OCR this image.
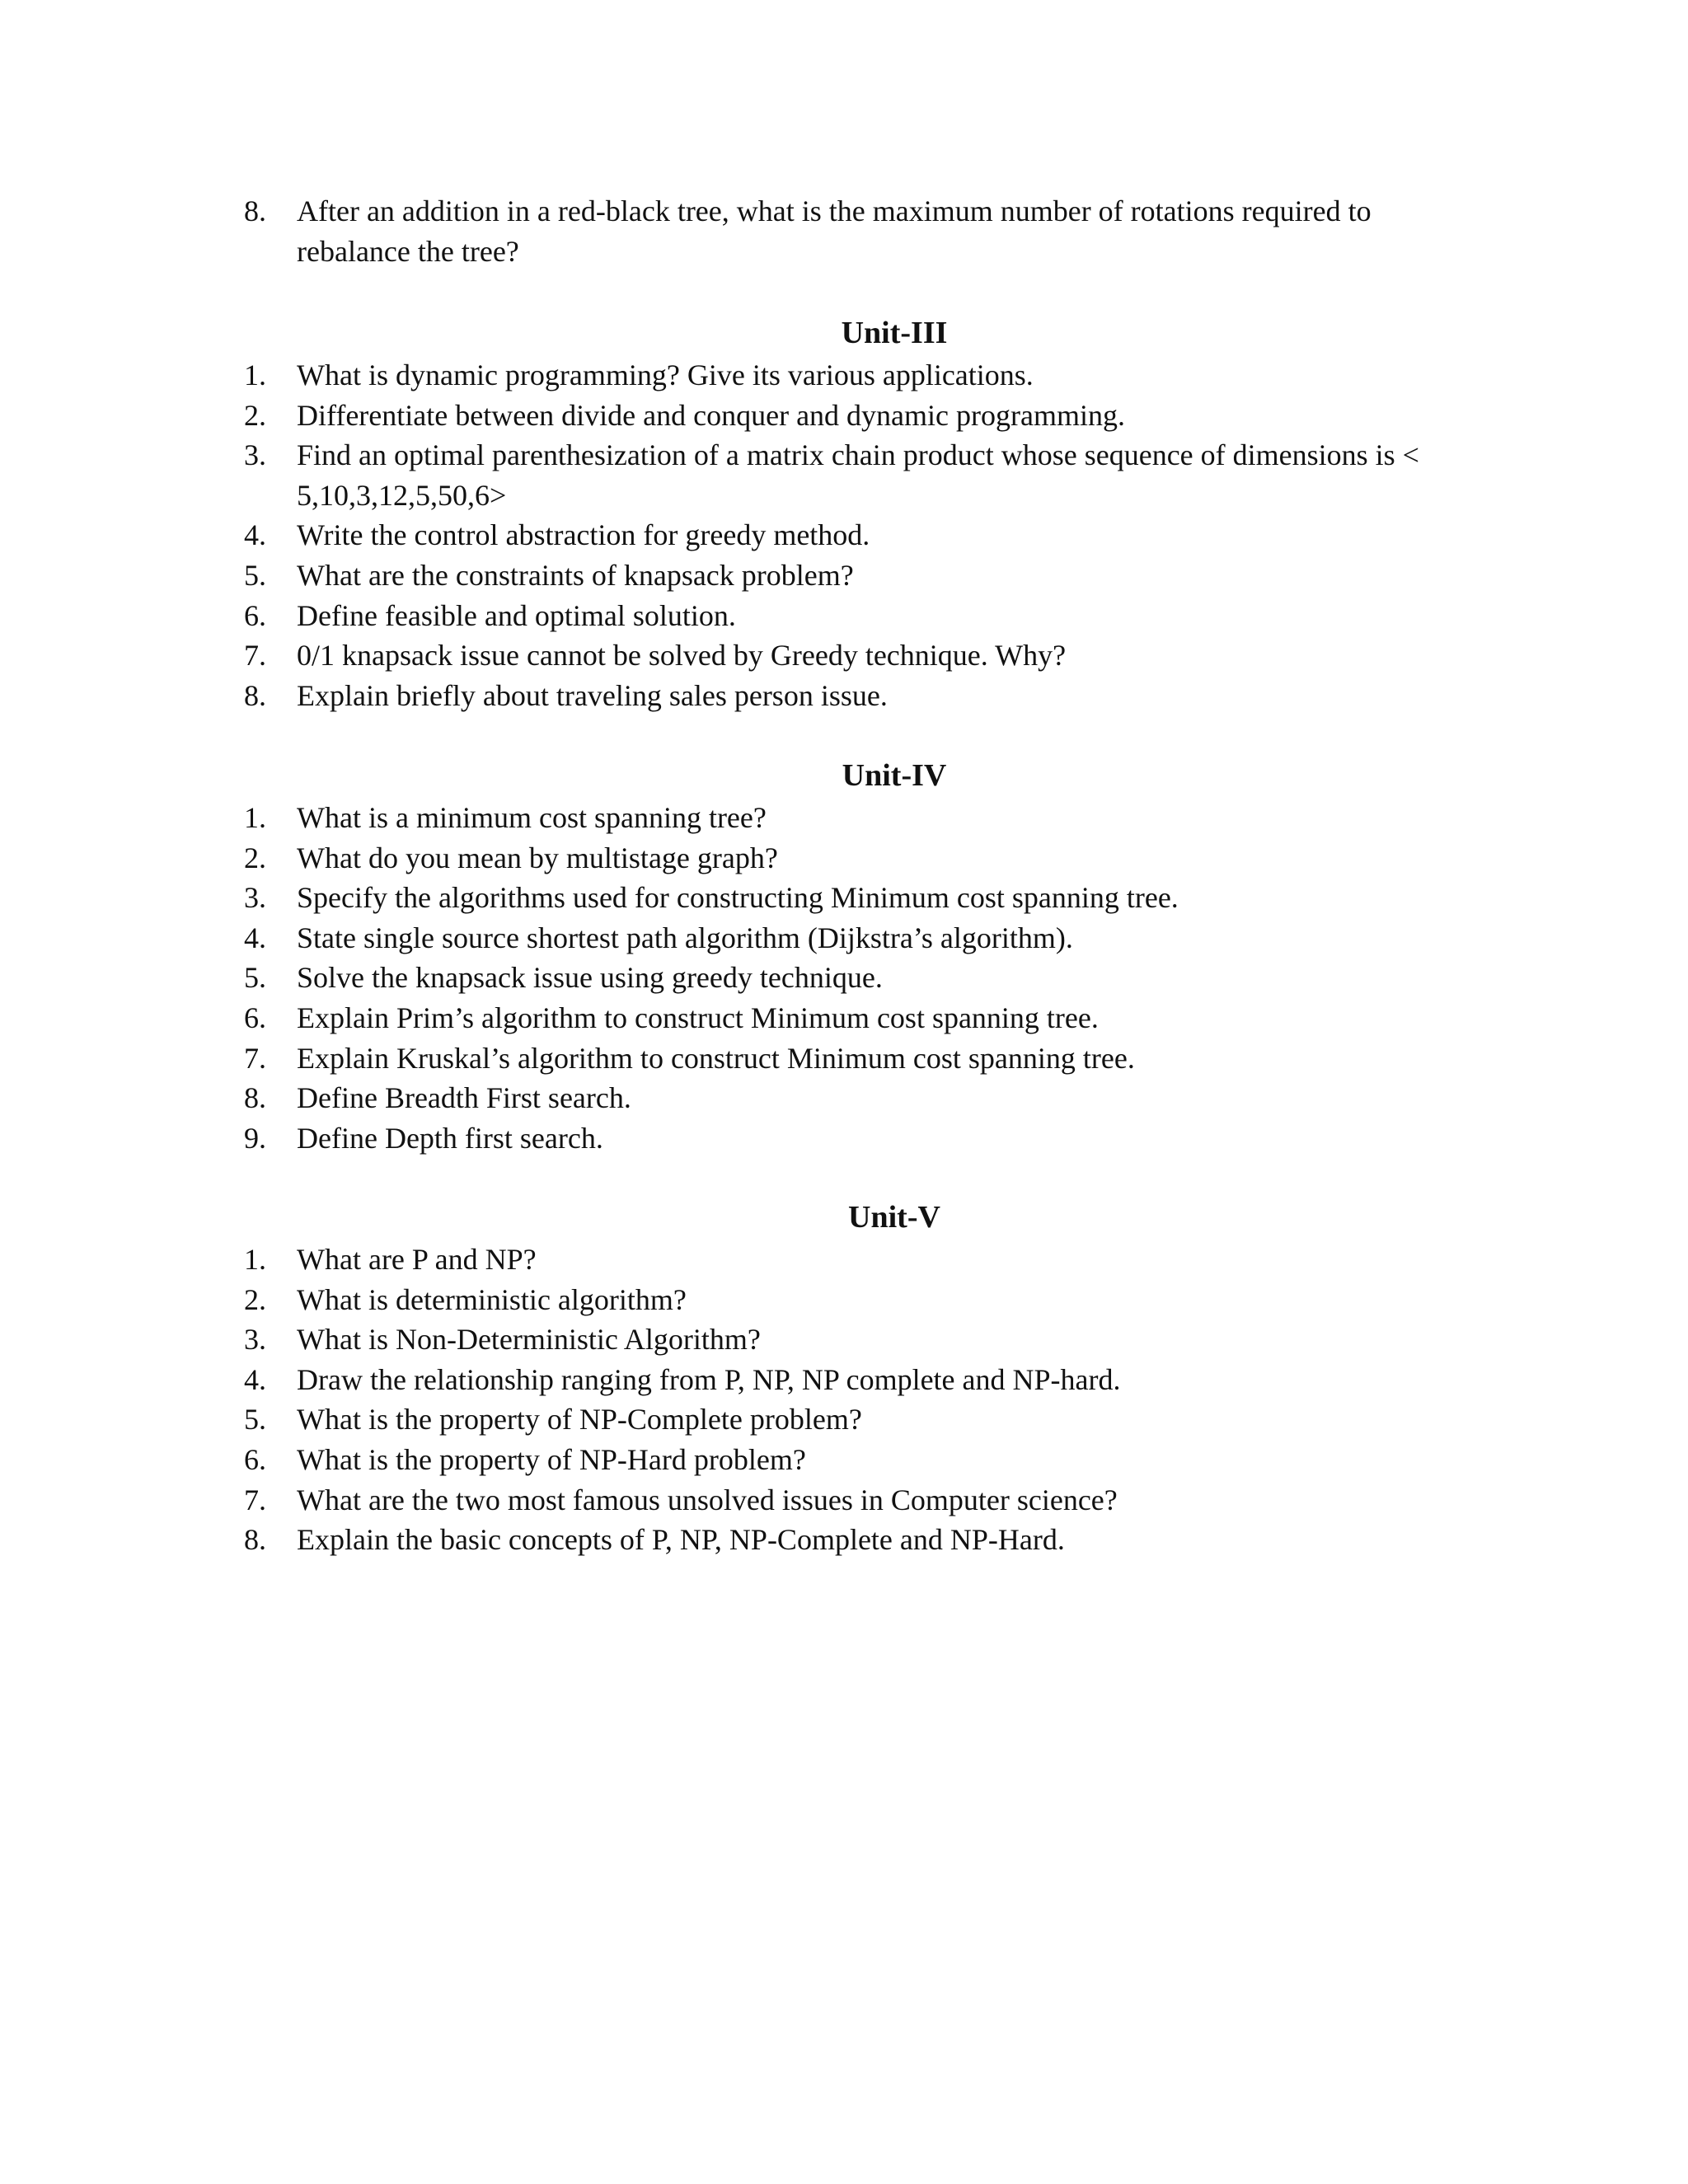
8. After an addition in a red-black tree, what is the maximum number of rotations required to rebalance the tree?
Unit-III
1. What is dynamic programming? Give its various applications.
2. Differentiate between divide and conquer and dynamic programming.
3. Find an optimal parenthesization of a matrix chain product whose sequence of dimensions is < 5,10,3,12,5,50,6>
4. Write the control abstraction for greedy method.
5. What are the constraints of knapsack problem?
6. Define feasible and optimal solution.
7. 0/1 knapsack issue cannot be solved by Greedy technique. Why?
8. Explain briefly about traveling sales person issue.
Unit-IV
1. What is a minimum cost spanning tree?
2. What do you mean by multistage graph?
3. Specify the algorithms used for constructing Minimum cost spanning tree.
4. State single source shortest path algorithm (Dijkstra’s algorithm).
5. Solve the knapsack issue using greedy technique.
6. Explain Prim’s algorithm to construct Minimum cost spanning tree.
7. Explain Kruskal’s algorithm to construct Minimum cost spanning tree.
8. Define Breadth First search.
9. Define Depth first search.
Unit-V
1. What are P and NP?
2. What is deterministic algorithm?
3. What is Non-Deterministic Algorithm?
4. Draw the relationship ranging from P, NP, NP complete and NP-hard.
5. What is the property of NP-Complete problem?
6. What is the property of NP-Hard problem?
7. What are the two most famous unsolved issues in Computer science?
8. Explain the basic concepts of P, NP, NP-Complete and NP-Hard.
